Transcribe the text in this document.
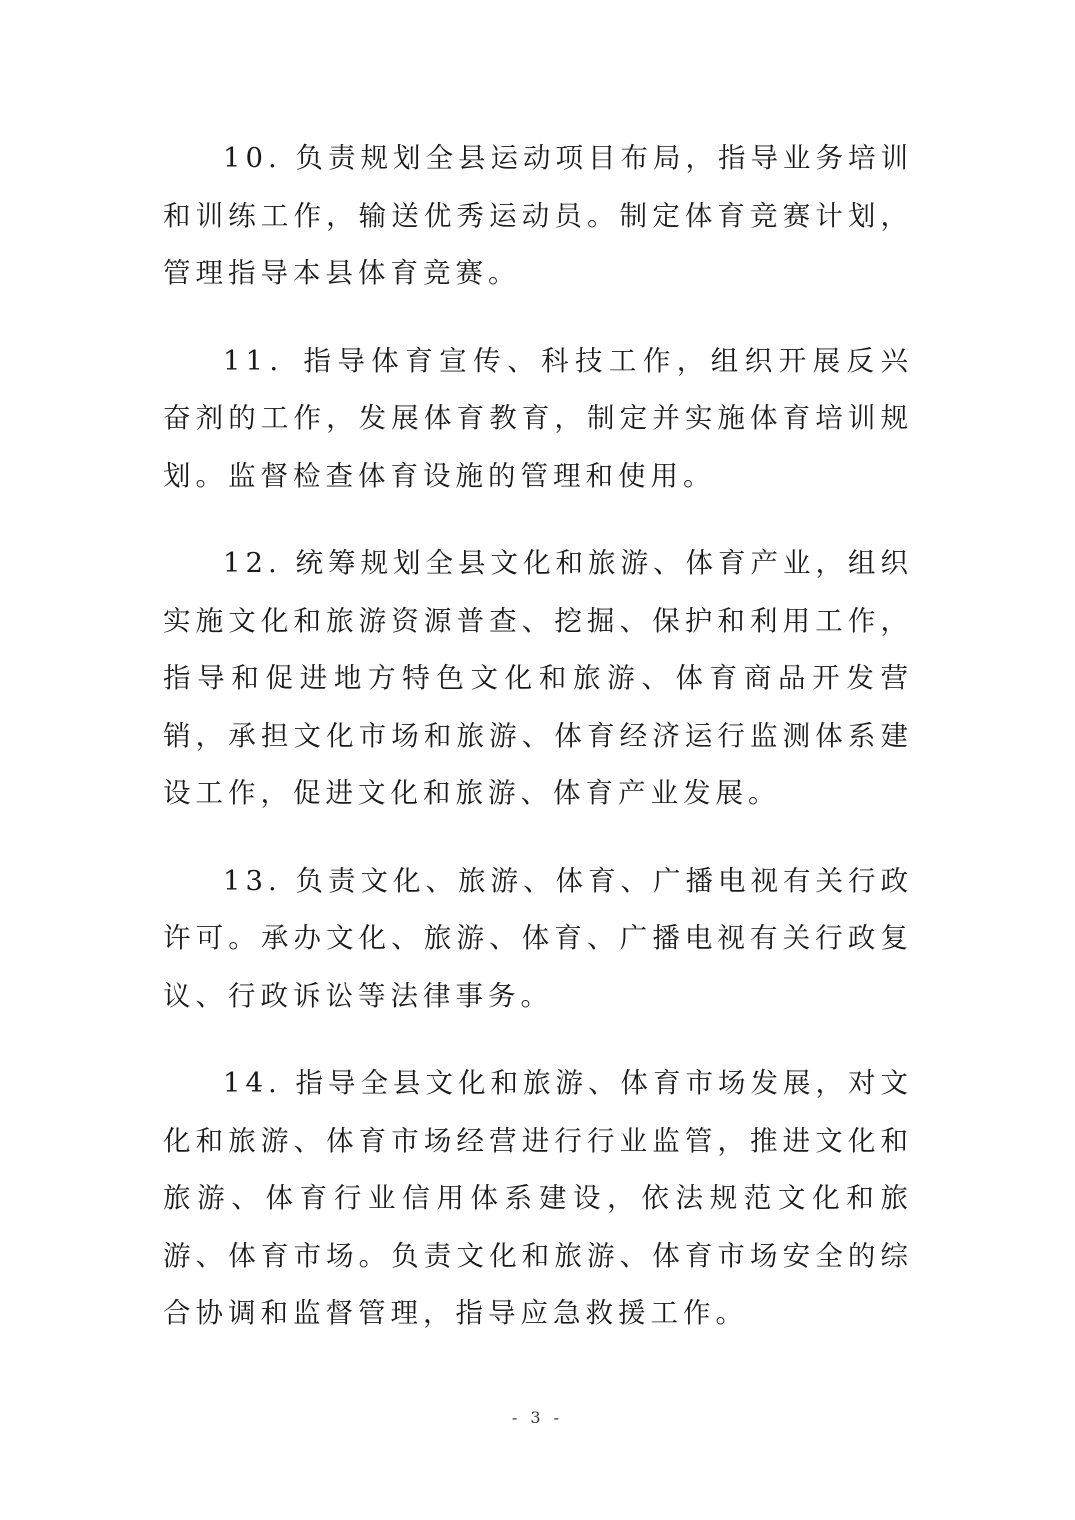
10. 负责规划全县运动项目布局，指导业务培训和训练工作，输送优秀运动员。制定体育竞赛计划，管理指导本县体育竞赛。

11．指导体育宣传、科技工作，组织开展反兴奋剂的工作，发展体育教育，制定并实施体育培训规划。监督检查体育设施的管理和使用。

12. 统筹规划全县文化和旅游、体育产业，组织实施文化和旅游资源普查、挖掘、保护和利用工作，指导和促进地方特色文化和旅游、体育商品开发营销，承担文化市场和旅游、体育经济运行监测体系建设工作，促进文化和旅游、体育产业发展。

13. 负责文化、旅游、体育、广播电视有关行政许可。承办文化、旅游、体育、广播电视有关行政复议、行政诉讼等法律事务。

14. 指导全县文化和旅游、体育市场发展，对文化和旅游、体育市场经营进行行业监管，推进文化和旅游、体育行业信用体系建设，依法规范文化和旅游、体育市场。负责文化和旅游、体育市场安全的综合协调和监督管理，指导应急救援工作。

- 3 -
